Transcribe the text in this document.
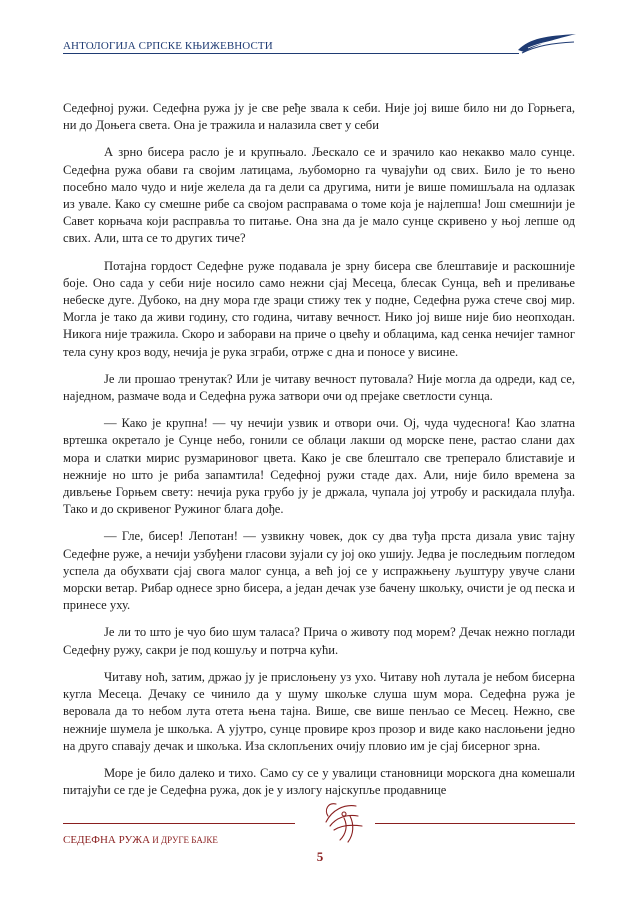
АНТОЛОГИЈА СРПСКЕ КЊИЖЕВНОСТИ

Седефној ружи. Седефна ружа ју је све ређе звала к себи. Није јој више било ни до Горњега, ни до Доњега света. Она је тражила и налазила свет у себи

А зрно бисера расло је и крупњало. Љескало се и зрачило као некакво мало сунце. Седефна ружа обави га својим латицама, љубоморно га чувајући од свих. Било је то њено посебно мало чудо и није желела да га дели са другима, нити је више помишљала на одлазак из увале. Како су смешне рибе са својом расправама о томе која је најлепша! Још смешнији је Савет корњача који расправља то питање. Она зна да је мало сунце скривено у њој лепше од свих. Али, шта се то других тиче?

Потајна гордост Седефне руже подавала је зрну бисера све блештавије и раскошније боје. Оно сада у себи није носило само нежни сјај Месеца, блесак Сунца, већ и преливање небеске дуге. Дубоко, на дну мора где зраци стижу тек у подне, Седефна ружа стече свој мир. Могла је тако да живи годину, сто година, читаву вечност. Нико јој више није био неопходан. Никога није тражила. Скоро и заборави на приче о цвећу и облацима, кад сенка нечијег тамног тела суну кроз воду, нечија је рука зграби, отрже с дна и поносе у висине.

Је ли прошао тренутак? Или је читаву вечност путовала? Није могла да одреди, кад се, наједном, размаче вода и Седефна ружа затвори очи од прејаке светлости сунца.

— Како је крупна! — чу нечији узвик и отвори очи. Ој, чуда чудеснога! Као златна вртешка окретало је Сунце небо, гонили се облаци лакши од морске пене, растао слани дах мора и слатки мирис рузмариновог цвета. Како је све блештало све треперало блиставије и нежније но што је риба запамтила! Седефној ружи стаде дах. Али, није било времена за дивљење Горњем свету: нечија рука грубо ју је држала, чупала јој утробу и раскидала плуђа. Тако и до скривеног Ружиног блага дође.

— Гле, бисер! Лепотан! — узвикну човек, док су два туђа прста дизала увис тајну Седефне руже, а нечији узбуђени гласови зујали су јој око ушију. Једва је последњим погледом успела да обухвати сјај свога малог сунца, а већ јој се у испражњену љуштуру увуче слани морски ветар. Рибар однесе зрно бисера, а један дечак узе бачену шкољку, очисти је од песка и принесе уху.

Је ли то што је чуо био шум таласа? Прича о животу под морем? Дечак нежно поглади Седефну ружу, сакри је под кошуљу и потрча кући.

Читаву ноћ, затим, држао ју је прислоњену уз ухо. Читаву ноћ лутала је небом бисерна кугла Месеца. Дечаку се чинило да у шуму шкољке слуша шум мора. Седефна ружа је веровала да то небом лута отета њена тајна. Више, све више пенљао се Месец. Нежно, све нежније шумела је шкољка. А ујутро, сунце провире кроз прозор и виде како наслоњени једно на друго спавају дечак и шкољка. Иза склопљених очију пловио им је сјај бисерног зрна.

Море је било далеко и тихо. Само су се у увалици становници морскога дна комешали питајући се где је Седефна ружа, док је у излогу најскупље продавнице

СЕДЕФНА РУЖА И ДРУГЕ БАЈКЕ
5
